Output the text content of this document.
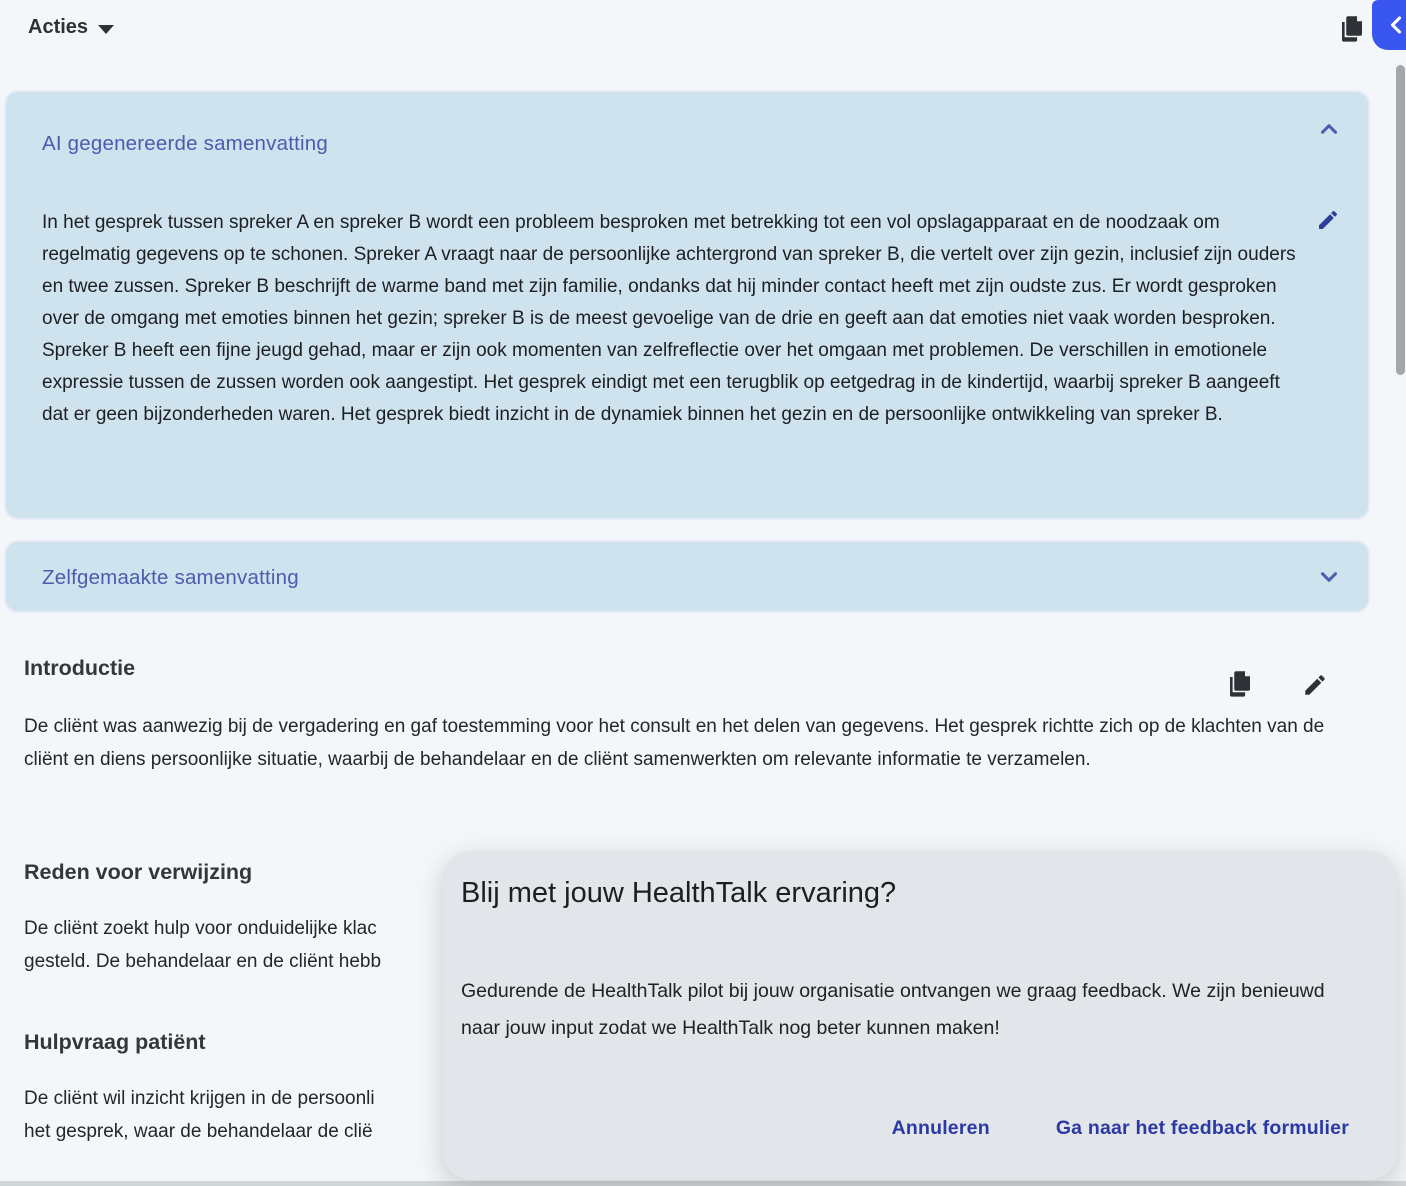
Acties
AI gegenereerde samenvatting
In het gesprek tussen spreker A en spreker B wordt een probleem besproken met betrekking tot een vol opslagapparaat en de noodzaak om regelmatig gegevens op te schonen. Spreker A vraagt naar de persoonlijke achtergrond van spreker B, die vertelt over zijn gezin, inclusief zijn ouders en twee zussen. Spreker B beschrijft de warme band met zijn familie, ondanks dat hij minder contact heeft met zijn oudste zus. Er wordt gesproken over de omgang met emoties binnen het gezin; spreker B is de meest gevoelige van de drie en geeft aan dat emoties niet vaak worden besproken. Spreker B heeft een fijne jeugd gehad, maar er zijn ook momenten van zelfreflectie over het omgaan met problemen. De verschillen in emotionele expressie tussen de zussen worden ook aangestipt. Het gesprek eindigt met een terugblik op eetgedrag in de kindertijd, waarbij spreker B aangeeft dat er geen bijzonderheden waren. Het gesprek biedt inzicht in de dynamiek binnen het gezin en de persoonlijke ontwikkeling van spreker B.
Zelfgemaakte samenvatting
Introductie
De cliënt was aanwezig bij de vergadering en gaf toestemming voor het consult en het delen van gegevens. Het gesprek richtte zich op de klachten van de cliënt en diens persoonlijke situatie, waarbij de behandelaar en de cliënt samenwerkten om relevante informatie te verzamelen.
Reden voor verwijzing
De cliënt zoekt hulp voor onduidelijke klac
gesteld. De behandelaar en de cliënt hebb
Hulpvraag patiënt
De cliënt wil inzicht krijgen in de persoonli
het gesprek, waar de behandelaar de clië
Blij met jouw HealthTalk ervaring?
Gedurende de HealthTalk pilot bij jouw organisatie ontvangen we graag feedback. We zijn benieuwd naar jouw input zodat we HealthTalk nog beter kunnen maken!
Annuleren	Ga naar het feedback formulier
